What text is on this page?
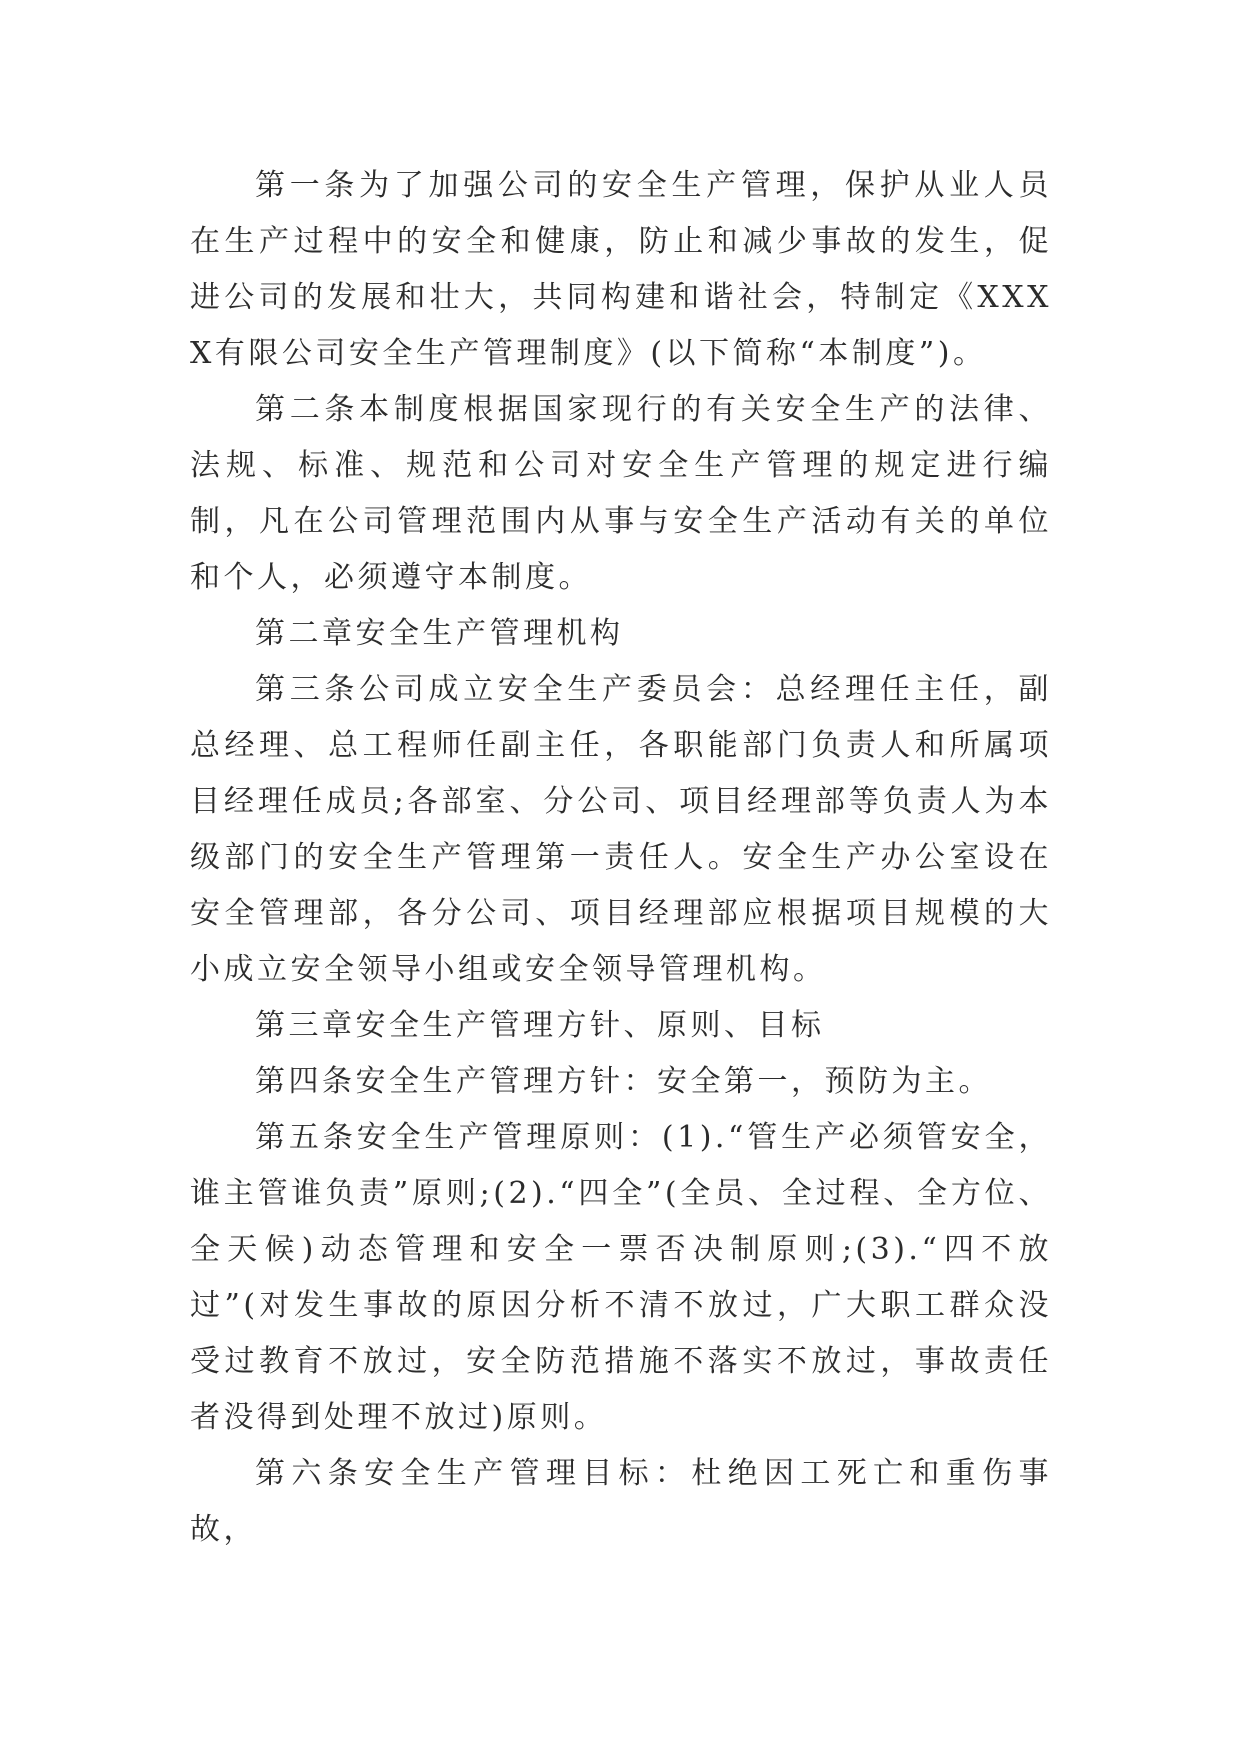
第一条为了加强公司的安全生产管理，保护从业人员在生产过程中的安全和健康，防止和减少事故的发生，促进公司的发展和壮大，共同构建和谐社会，特制定《XXXX有限公司安全生产管理制度》(以下简称“本制度”)。

第二条本制度根据国家现行的有关安全生产的法律、法规、标准、规范和公司对安全生产管理的规定进行编制，凡在公司管理范围内从事与安全生产活动有关的单位和个人，必须遵守本制度。

第二章安全生产管理机构

第三条公司成立安全生产委员会：总经理任主任，副总经理、总工程师任副主任，各职能部门负责人和所属项目经理任成员;各部室、分公司、项目经理部等负责人为本级部门的安全生产管理第一责任人。安全生产办公室设在安全管理部，各分公司、项目经理部应根据项目规模的大小成立安全领导小组或安全领导管理机构。

第三章安全生产管理方针、原则、目标

第四条安全生产管理方针：安全第一，预防为主。

第五条安全生产管理原则：(1).“管生产必须管安全，谁主管谁负责”原则;(2).“四全”(全员、全过程、全方位、全天候)动态管理和安全一票否决制原则;(3).“四不放过”(对发生事故的原因分析不清不放过，广大职工群众没受过教育不放过，安全防范措施不落实不放过，事故责任者没得到处理不放过)原则。

第六条安全生产管理目标：杜绝因工死亡和重伤事故，
